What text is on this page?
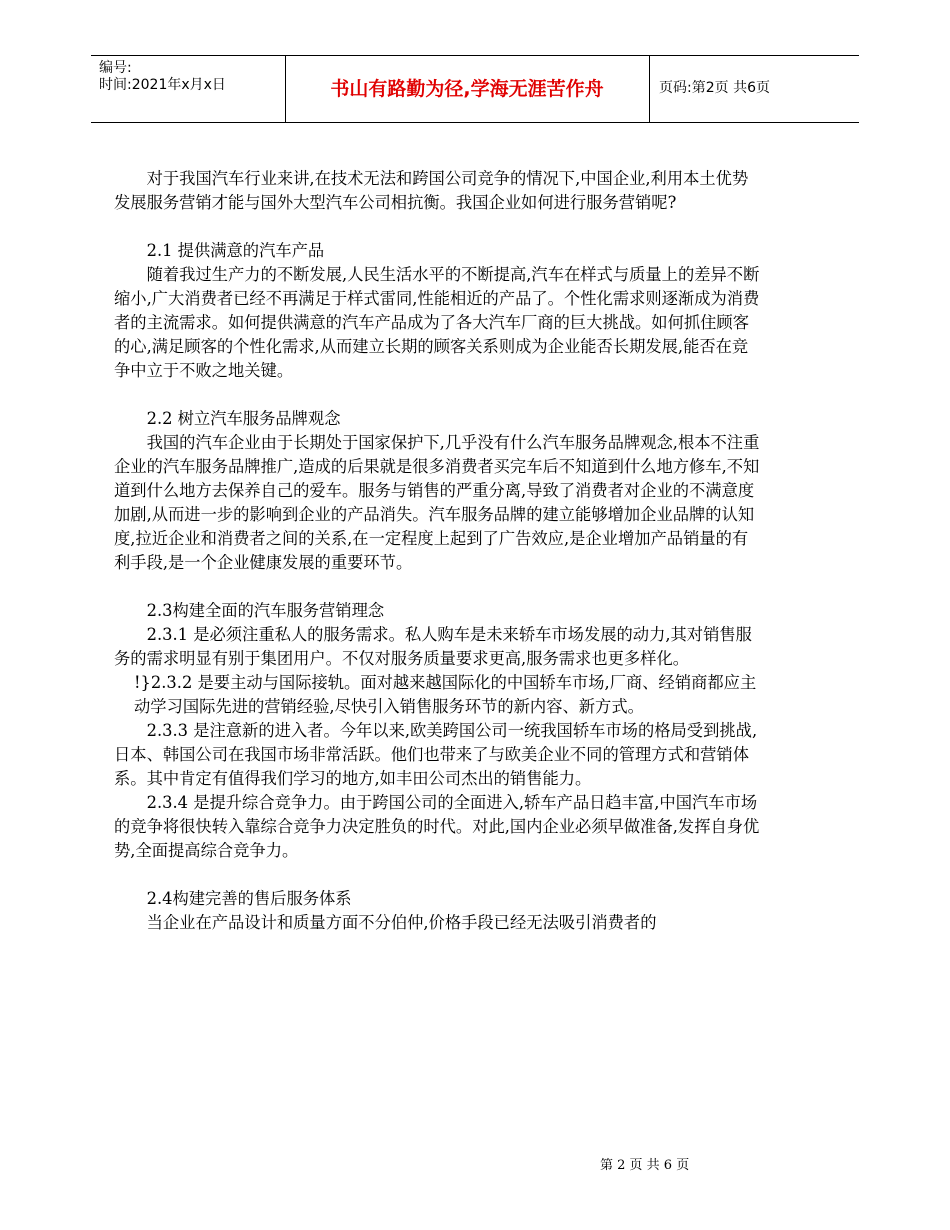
编号:
时间:2021年x月x日	书山有路勤为径,学海无涯苦作舟	页码:第2页 共6页

对于我国汽车行业来讲,在技术无法和跨国公司竞争的情况下,中国企业,利用本土优势发展服务营销才能与国外大型汽车公司相抗衡。我国企业如何进行服务营销呢?

2.1 提供满意的汽车产品

随着我过生产力的不断发展,人民生活水平的不断提高,汽车在样式与质量上的差异不断缩小,广大消费者已经不再满足于样式雷同,性能相近的产品了。个性化需求则逐渐成为消费者的主流需求。如何提供满意的汽车产品成为了各大汽车厂商的巨大挑战。如何抓住顾客的心,满足顾客的个性化需求,从而建立长期的顾客关系则成为企业能否长期发展,能否在竞争中立于不败之地关键。

2.2 树立汽车服务品牌观念

我国的汽车企业由于长期处于国家保护下,几乎没有什么汽车服务品牌观念,根本不注重企业的汽车服务品牌推广,造成的后果就是很多消费者买完车后不知道到什么地方修车,不知道到什么地方去保养自己的爱车。服务与销售的严重分离,导致了消费者对企业的不满意度加剧,从而进一步的影响到企业的产品消失。汽车服务品牌的建立能够增加企业品牌的认知度,拉近企业和消费者之间的关系,在一定程度上起到了广告效应,是企业增加产品销量的有利手段,是一个企业健康发展的重要环节。

2.3构建全面的汽车服务营销理念

2.3.1 是必须注重私人的服务需求。私人购车是未来轿车市场发展的动力,其对销售服务的需求明显有别于集团用户。不仅对服务质量要求更高,服务需求也更多样化。

!}2.3.2 是要主动与国际接轨。面对越来越国际化的中国轿车市场,厂商、经销商都应主动学习国际先进的营销经验,尽快引入销售服务环节的新内容、新方式。

2.3.3 是注意新的进入者。今年以来,欧美跨国公司一统我国轿车市场的格局受到挑战,日本、韩国公司在我国市场非常活跃。他们也带来了与欧美企业不同的管理方式和营销体系。其中肯定有值得我们学习的地方,如丰田公司杰出的销售能力。

2.3.4 是提升综合竞争力。由于跨国公司的全面进入,轿车产品日趋丰富,中国汽车市场的竞争将很快转入靠综合竞争力决定胜负的时代。对此,国内企业必须早做准备,发挥自身优势,全面提高综合竞争力。

2.4构建完善的售后服务体系

当企业在产品设计和质量方面不分伯仲,价格手段已经无法吸引消费者的

第 2 页 共 6 页
